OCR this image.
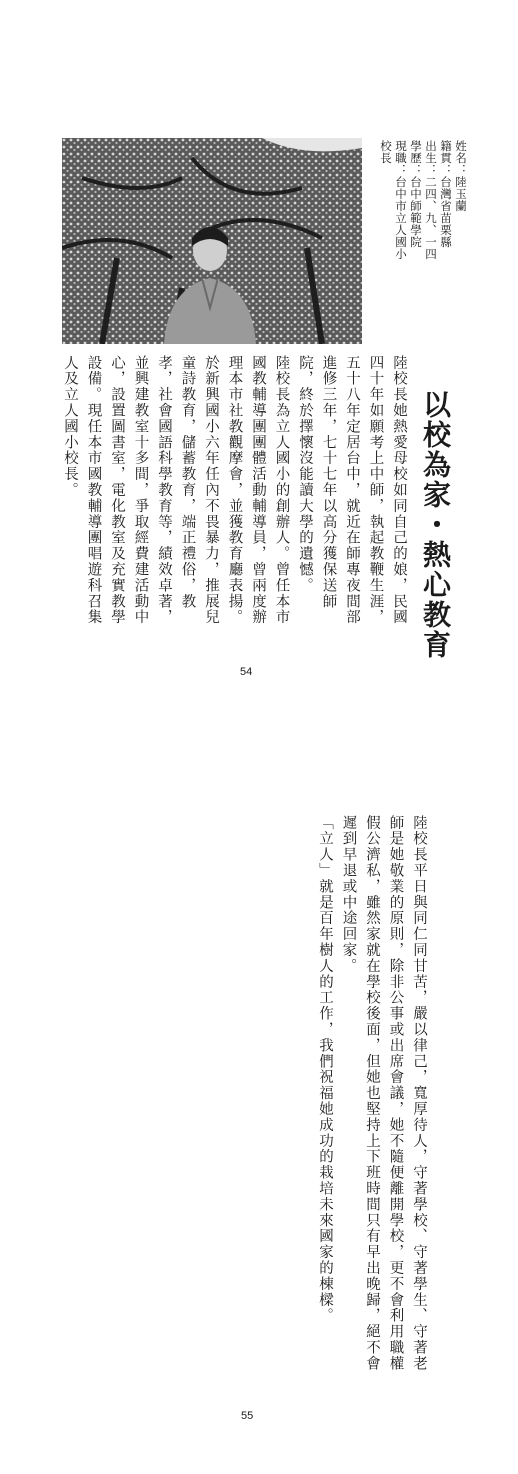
姓名：陸玉蘭

籍貫：台灣省苗栗縣

出生：二四、九、一四

學歷：台中師範學院

現職：台中市立人國小

校長

以校為家・熱心教育

陸校長她熱愛母校如同自己的娘，民國四十年如願考上中師，執起教鞭生涯，五十八年定居台中，就近在師專夜間部進修三年，七十七年以高分獲保送師院，終於擇懷沒能讀大學的遺憾。

陸校長為立人國小的創辦人。曾任本市國教輔導團團體活動輔導員，曾兩度辦理本市社教觀摩會，並獲教育廳表揚。於新興國小六年任內不畏暴力，推展兒童詩教育，儲蓄教育，端正禮俗，教孝，社會國語科學教育等，績效卓著，並興建教室十多間，爭取經費建活動中心，設置圖書室，電化教室及充實教學設備。現任本市國教輔導團唱遊科召集人及立人國小校長。

54

陸校長平日與同仁同甘苦，嚴以律己，寬厚待人，守著學校、守著學生、守著老師是她敬業的原則，除非公事或出席會議，她不隨便離開學校，更不會利用職權假公濟私，雖然家就在學校後面，但她也堅持上下班時間只有早出晚歸，絕不會遲到早退或中途回家。

「立人」就是百年樹人的工作，我們祝福她成功的栽培未來國家的棟樑。

55
